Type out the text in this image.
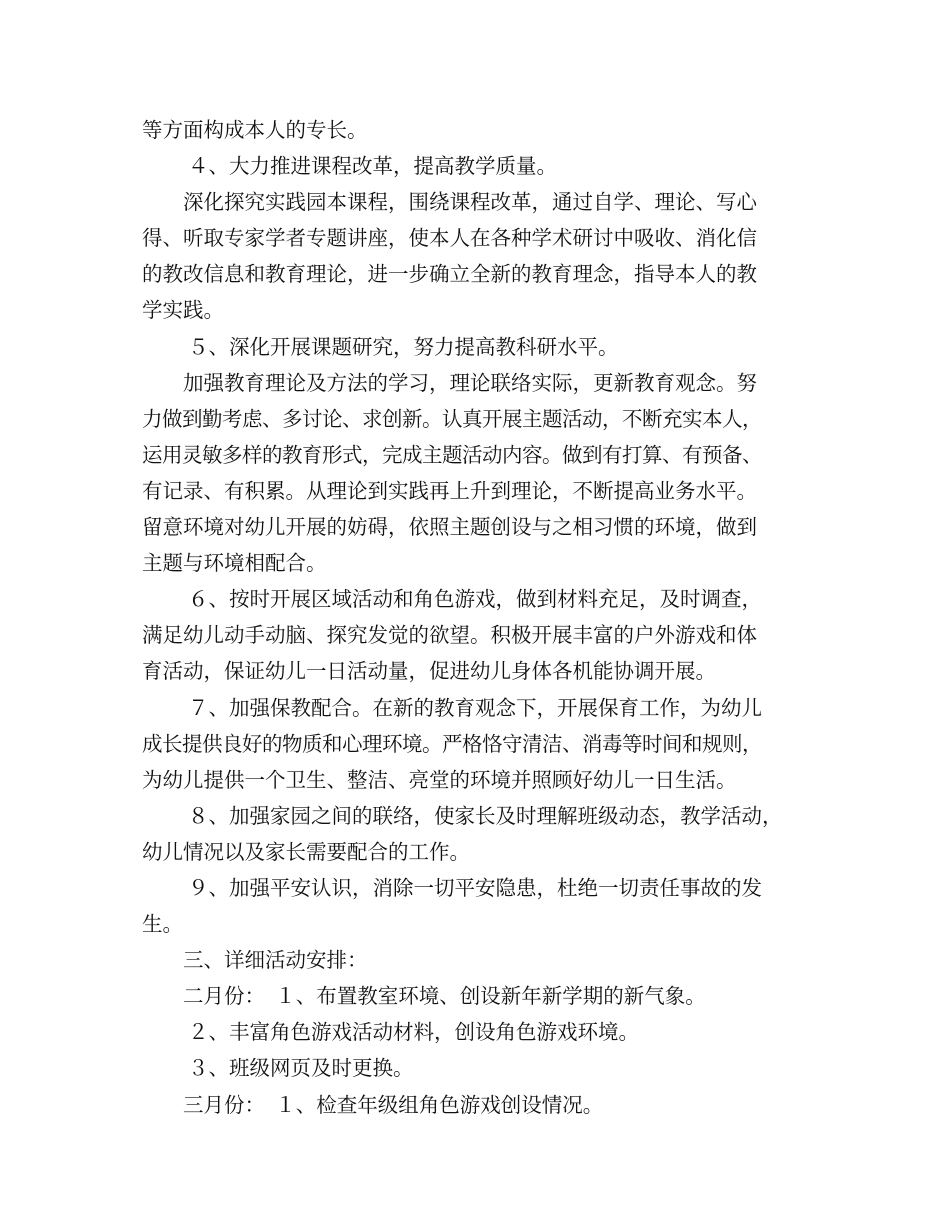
等方面构成本人的专长。
４、大力推进课程改革，提高教学质量。
深化探究实践园本课程，围绕课程改革，通过自学、理论、写心
得、听取专家学者专题讲座，使本人在各种学术研讨中吸收、消化信
的教改信息和教育理论，进一步确立全新的教育理念，指导本人的教
学实践。
５、深化开展课题研究，努力提高教科研水平。
加强教育理论及方法的学习，理论联络实际，更新教育观念。努
力做到勤考虑、多讨论、求创新。认真开展主题活动，不断充实本人，
运用灵敏多样的教育形式，完成主题活动内容。做到有打算、有预备、
有记录、有积累。从理论到实践再上升到理论，不断提高业务水平。
留意环境对幼儿开展的妨碍，依照主题创设与之相习惯的环境，做到
主题与环境相配合。
６、按时开展区域活动和角色游戏，做到材料充足，及时调查，
满足幼儿动手动脑、探究发觉的欲望。积极开展丰富的户外游戏和体
育活动，保证幼儿一日活动量，促进幼儿身体各机能协调开展。
７、加强保教配合。在新的教育观念下，开展保育工作，为幼儿
成长提供良好的物质和心理环境。严格恪守清洁、消毒等时间和规则，
为幼儿提供一个卫生、整洁、亮堂的环境并照顾好幼儿一日生活。
８、加强家园之间的联络，使家长及时理解班级动态，教学活动，
幼儿情况以及家长需要配合的工作。
９、加强平安认识，消除一切平安隐患，杜绝一切责任事故的发
生。
三、详细活动安排：
二月份：　１、布置教室环境、创设新年新学期的新气象。
２、丰富角色游戏活动材料，创设角色游戏环境。
３、班级网页及时更换。
三月份：　１、检查年级组角色游戏创设情况。
